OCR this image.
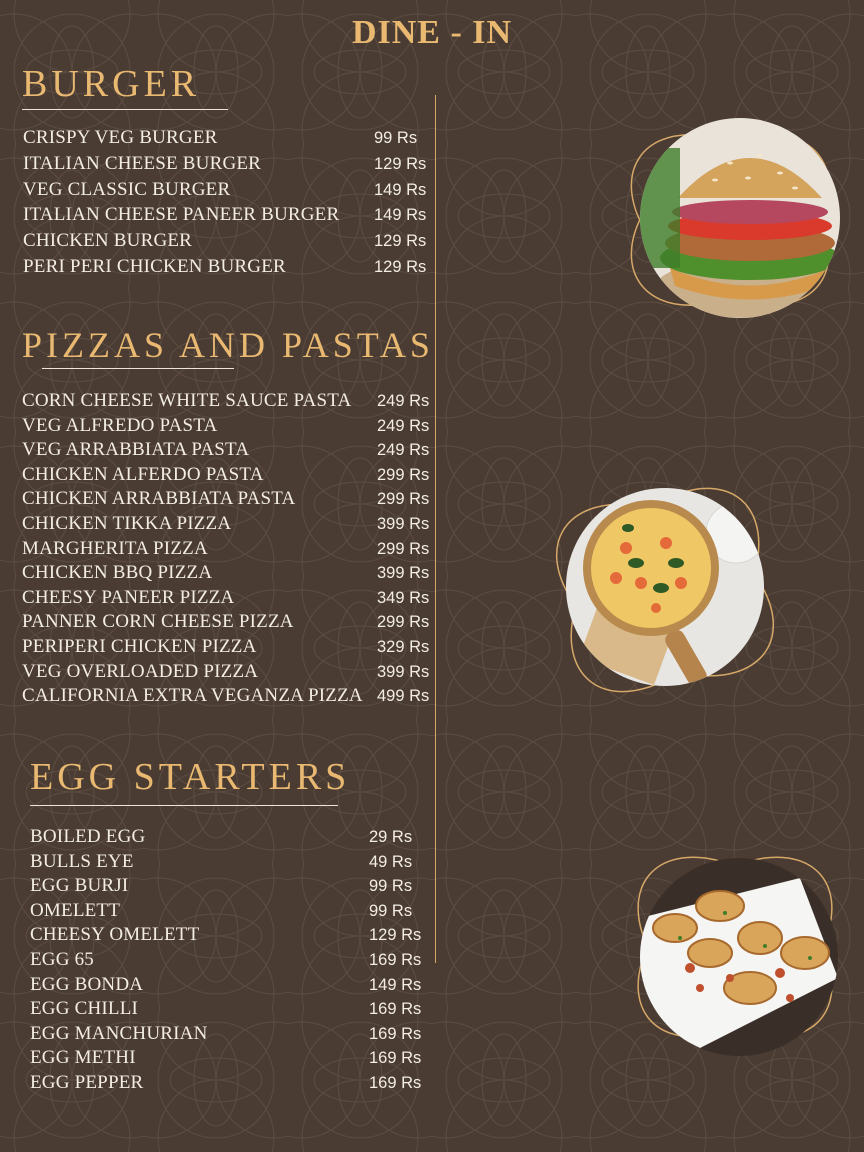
DINE - IN
BURGER
CRISPY VEG BURGER	99 Rs
ITALIAN CHEESE BURGER	129 Rs
VEG CLASSIC BURGER	149 Rs
ITALIAN CHEESE PANEER BURGER 149 Rs
CHICKEN BURGER	129 Rs
PERI PERI CHICKEN BURGER	129 Rs
PIZZAS AND PASTAS
CORN CHEESE WHITE SAUCE PASTA 249 Rs
VEG ALFREDO PASTA	249 Rs
VEG ARRABBIATA PASTA	249 Rs
CHICKEN ALFERDO PASTA	299 Rs
CHICKEN ARRABBIATA PASTA	299 Rs
CHICKEN TIKKA PIZZA	399 Rs
MARGHERITA PIZZA	299 Rs
CHICKEN BBQ PIZZA	399 Rs
CHEESY PANEER PIZZA	349 Rs
PANNER CORN CHEESE PIZZA	299 Rs
PERIPERI CHICKEN PIZZA	329 Rs
VEG OVERLOADED PIZZA	399 Rs
CALIFORNIA EXTRA VEGANZA PIZZA 499 Rs
EGG STARTERS
BOILED EGG	29 Rs
BULLS EYE	49 Rs
EGG BURJI	99 Rs
OMELETT	99 Rs
CHEESY OMELETT	129 Rs
EGG 65	169 Rs
EGG BONDA	149 Rs
EGG CHILLI	169 Rs
EGG MANCHURIAN	169 Rs
EGG METHI	169 Rs
EGG PEPPER	169 Rs
